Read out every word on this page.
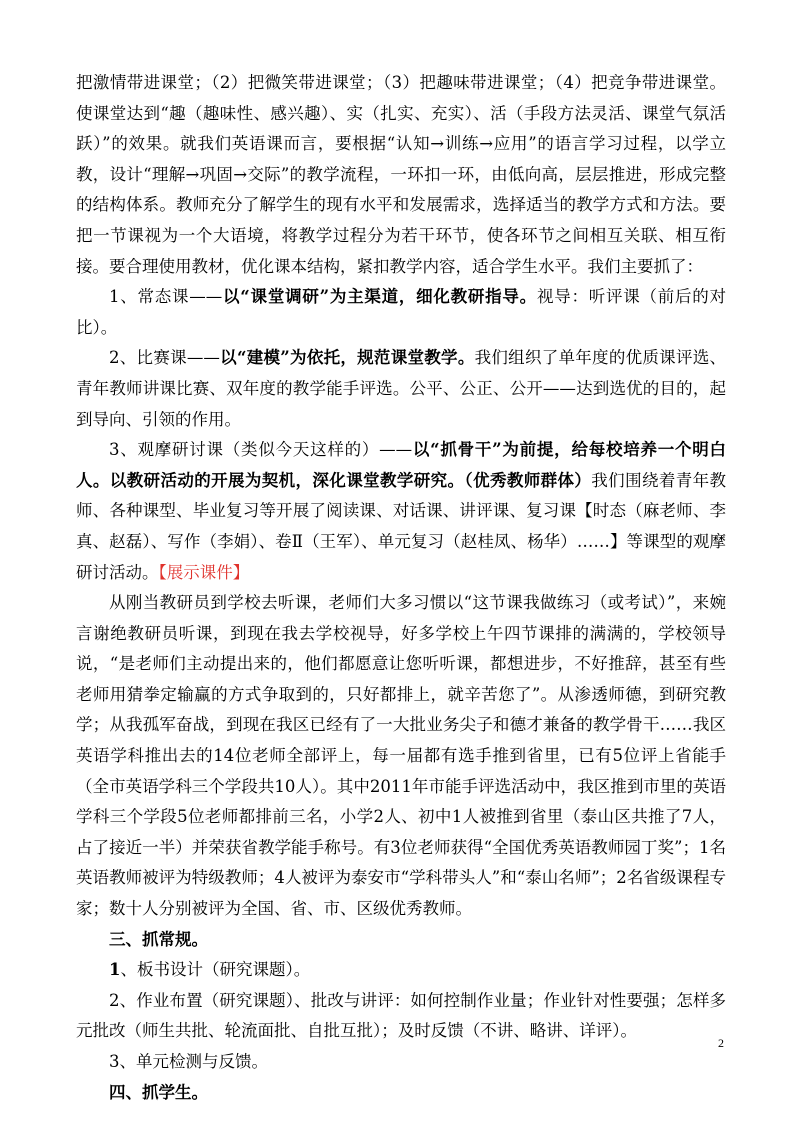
把激情带进课堂；（2）把微笑带进课堂；（3）把趣味带进课堂；（4）把竞争带进课堂。使课堂达到“趣（趣味性、感兴趣）、实（扎实、充实）、活（手段方法灵活、课堂气氛活跃）”的效果。就我们英语课而言，要根据“认知→训练→应用”的语言学习过程，以学立教，设计“理解→巩固→交际”的教学流程，一环扣一环，由低向高，层层推进，形成完整的结构体系。教师充分了解学生的现有水平和发展需求，选择适当的教学方式和方法。要把一节课视为一个大语境，将教学过程分为若干环节，使各环节之间相互关联、相互衔接。要合理使用教材，优化课本结构，紧扣教学内容，适合学生水平。我们主要抓了：

1、常态课——以“课堂调研”为主渠道，细化教研指导。视导：听评课（前后的对比）。

2、比赛课——以“建模”为依托，规范课堂教学。我们组织了单年度的优质课评选、青年教师讲课比赛、双年度的教学能手评选。公平、公正、公开——达到选优的目的，起到导向、引领的作用。

3、观摩研讨课（类似今天这样的）——以“抓骨干”为前提，给每校培养一个明白人。以教研活动的开展为契机，深化课堂教学研究。（优秀教师群体）我们围绕着青年教师、各种课型、毕业复习等开展了阅读课、对话课、讲评课、复习课【时态（麻老师、李真、赵磊）、写作（李娟）、卷Ⅱ（王军）、单元复习（赵桂凤、杨华）……】等课型的观摩研讨活动。【展示课件】

从刚当教研员到学校去听课，老师们大多习惯以“这节课我做练习（或考试）”，来婉言谢绝教研员听课，到现在我去学校视导，好多学校上午四节课排的满满的，学校领导说，“是老师们主动提出来的，他们都愿意让您听听课，都想进步，不好推辞，甚至有些老师用猜拳定输赢的方式争取到的，只好都排上，就辛苦您了”。从渗透师德，到研究教学；从我孤军奋战，到现在我区已经有了一大批业务尖子和德才兼备的教学骨干……我区英语学科推出去的14位老师全部评上，每一届都有选手推到省里，已有5位评上省能手（全市英语学科三个学段共10人）。其中2011年市能手评选活动中，我区推到市里的英语学科三个学段5位老师都排前三名，小学2人、初中1人被推到省里（泰山区共推了7人，占了接近一半）并荣获省教学能手称号。有3位老师获得“全国优秀英语教师园丁奖”；1名英语教师被评为特级教师；4人被评为泰安市“学科带头人”和“泰山名师”；2名省级课程专家；数十人分别被评为全国、省、市、区级优秀教师。

三、抓常规。

1、板书设计（研究课题）。

2、作业布置（研究课题）、批改与讲评：如何控制作业量；作业针对性要强；怎样多元批改（师生共批、轮流面批、自批互批）；及时反馈（不讲、略讲、详评）。

3、单元检测与反馈。

四、抓学生。

2
